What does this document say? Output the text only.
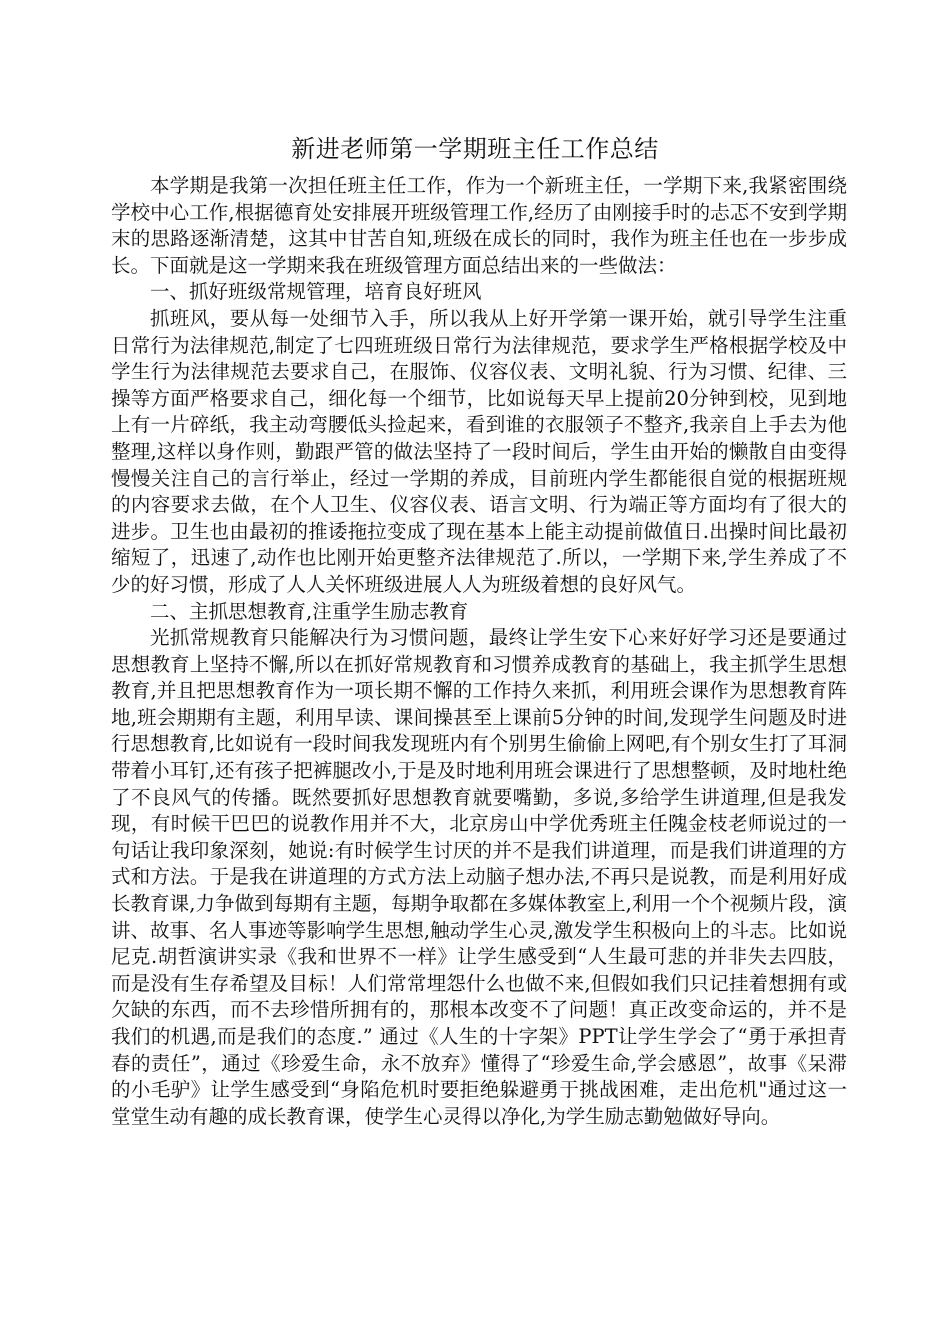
新进老师第一学期班主任工作总结

本学期是我第一次担任班主任工作，作为一个新班主任，一学期下来,我紧密围绕学校中心工作,根据德育处安排展开班级管理工作,经历了由刚接手时的忐忑不安到学期末的思路逐渐清楚，这其中甘苦自知,班级在成长的同时，我作为班主任也在一步步成长。下面就是这一学期来我在班级管理方面总结出来的一些做法：

一、抓好班级常规管理，培育良好班风

抓班风，要从每一处细节入手，所以我从上好开学第一课开始，就引导学生注重日常行为法律规范,制定了七四班班级日常行为法律规范，要求学生严格根据学校及中学生行为法律规范去要求自己，在服饰、仪容仪表、文明礼貌、行为习惯、纪律、三操等方面严格要求自己，细化每一个细节，比如说每天早上提前20分钟到校，见到地上有一片碎纸，我主动弯腰低头捡起来，看到谁的衣服领子不整齐,我亲自上手去为他整理,这样以身作则，勤跟严管的做法坚持了一段时间后，学生由开始的懒散自由变得慢慢关注自己的言行举止，经过一学期的养成，目前班内学生都能很自觉的根据班规的内容要求去做，在个人卫生、仪容仪表、语言文明、行为端正等方面均有了很大的进步。卫生也由最初的推诿拖拉变成了现在基本上能主动提前做值日.出操时间比最初缩短了，迅速了,动作也比刚开始更整齐法律规范了.所以，一学期下来,学生养成了不少的好习惯，形成了人人关怀班级进展人人为班级着想的良好风气。

二、主抓思想教育,注重学生励志教育

光抓常规教育只能解决行为习惯问题，最终让学生安下心来好好学习还是要通过思想教育上坚持不懈,所以在抓好常规教育和习惯养成教育的基础上，我主抓学生思想教育,并且把思想教育作为一项长期不懈的工作持久来抓，利用班会课作为思想教育阵地,班会期期有主题，利用早读、课间操甚至上课前5分钟的时间,发现学生问题及时进行思想教育,比如说有一段时间我发现班内有个别男生偷偷上网吧,有个别女生打了耳洞带着小耳钉,还有孩子把裤腿改小,于是及时地利用班会课进行了思想整顿，及时地杜绝了不良风气的传播。既然要抓好思想教育就要嘴勤，多说,多给学生讲道理,但是我发现，有时候干巴巴的说教作用并不大，北京房山中学优秀班主任隗金枝老师说过的一句话让我印象深刻，她说:有时候学生讨厌的并不是我们讲道理，而是我们讲道理的方式和方法。于是我在讲道理的方式方法上动脑子想办法,不再只是说教，而是利用好成长教育课,力争做到每期有主题，每期争取都在多媒体教室上,利用一个个视频片段，演讲、故事、名人事迹等影响学生思想,触动学生心灵,激发学生积极向上的斗志。比如说尼克.胡哲演讲实录《我和世界不一样》让学生感受到“人生最可悲的并非失去四肢，而是没有生存希望及目标！人们常常埋怨什么也做不来,但假如我们只记挂着想拥有或欠缺的东西，而不去珍惜所拥有的，那根本改变不了问题！真正改变命运的，并不是我们的机遇,而是我们的态度.” 通过《人生的十字架》PPT让学生学会了“勇于承担青春的责任”，通过《珍爱生命，永不放弃》懂得了“珍爱生命,学会感恩”，故事《呆滞的小毛驴》让学生感受到“身陷危机时要拒绝躲避勇于挑战困难，走出危机"通过这一堂堂生动有趣的成长教育课，使学生心灵得以净化,为学生励志勤勉做好导向。
